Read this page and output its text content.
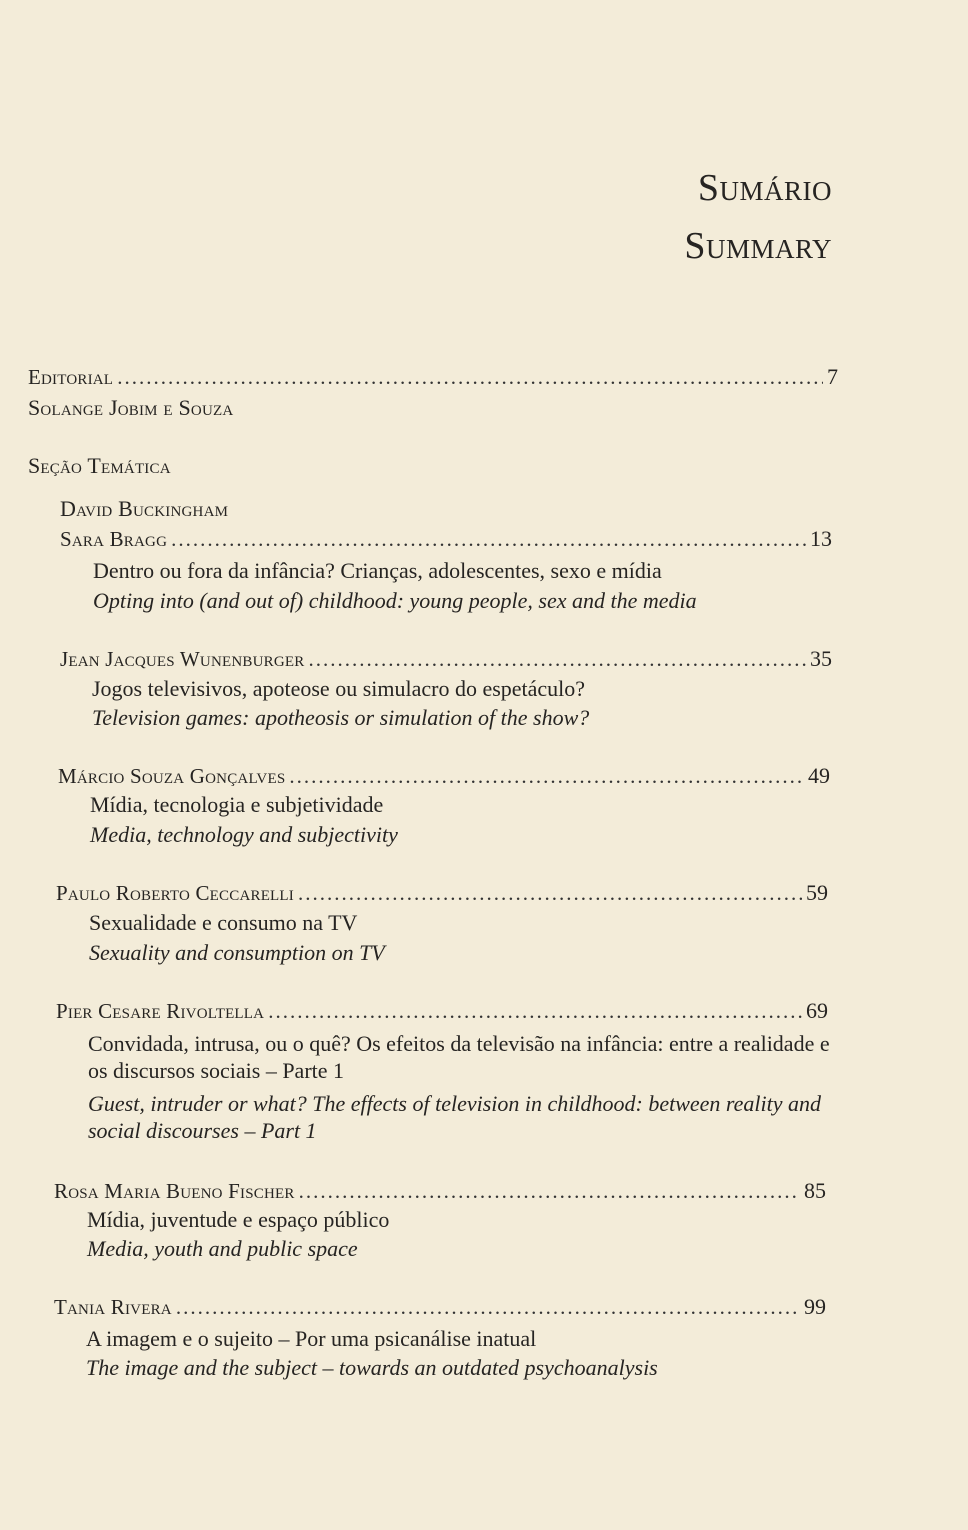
Sumário
Summary
Editorial .....	7
Solange Jobim e Souza
Seção Temática
David Buckingham
Sara Bragg .....	13
Dentro ou fora da infância? Crianças, adolescentes, sexo e mídia
Opting into (and out of) childhood: young people, sex and the media
Jean Jacques Wunenburger .....	35
Jogos televisivos, apoteose ou simulacro do espetáculo?
Television games: apotheosis or simulation of the show?
Márcio Souza Gonçalves .....	49
Mídia, tecnologia e subjetividade
Media, technology and subjectivity
Paulo Roberto Ceccarelli .....	59
Sexualidade e consumo na TV
Sexuality and consumption on TV
Pier Cesare Rivoltella .....	69
Convidada, intrusa, ou o quê? Os efeitos da televisão na infância: entre a realidade e os discursos sociais – Parte 1
Guest, intruder or what? The effects of television in childhood: between reality and social discourses – Part 1
Rosa Maria Bueno Fischer .....	85
Mídia, juventude e espaço público
Media, youth and public space
Tania Rivera .....	99
A imagem e o sujeito – Por uma psicanálise inatual
The image and the subject – towards an outdated psychoanalysis
